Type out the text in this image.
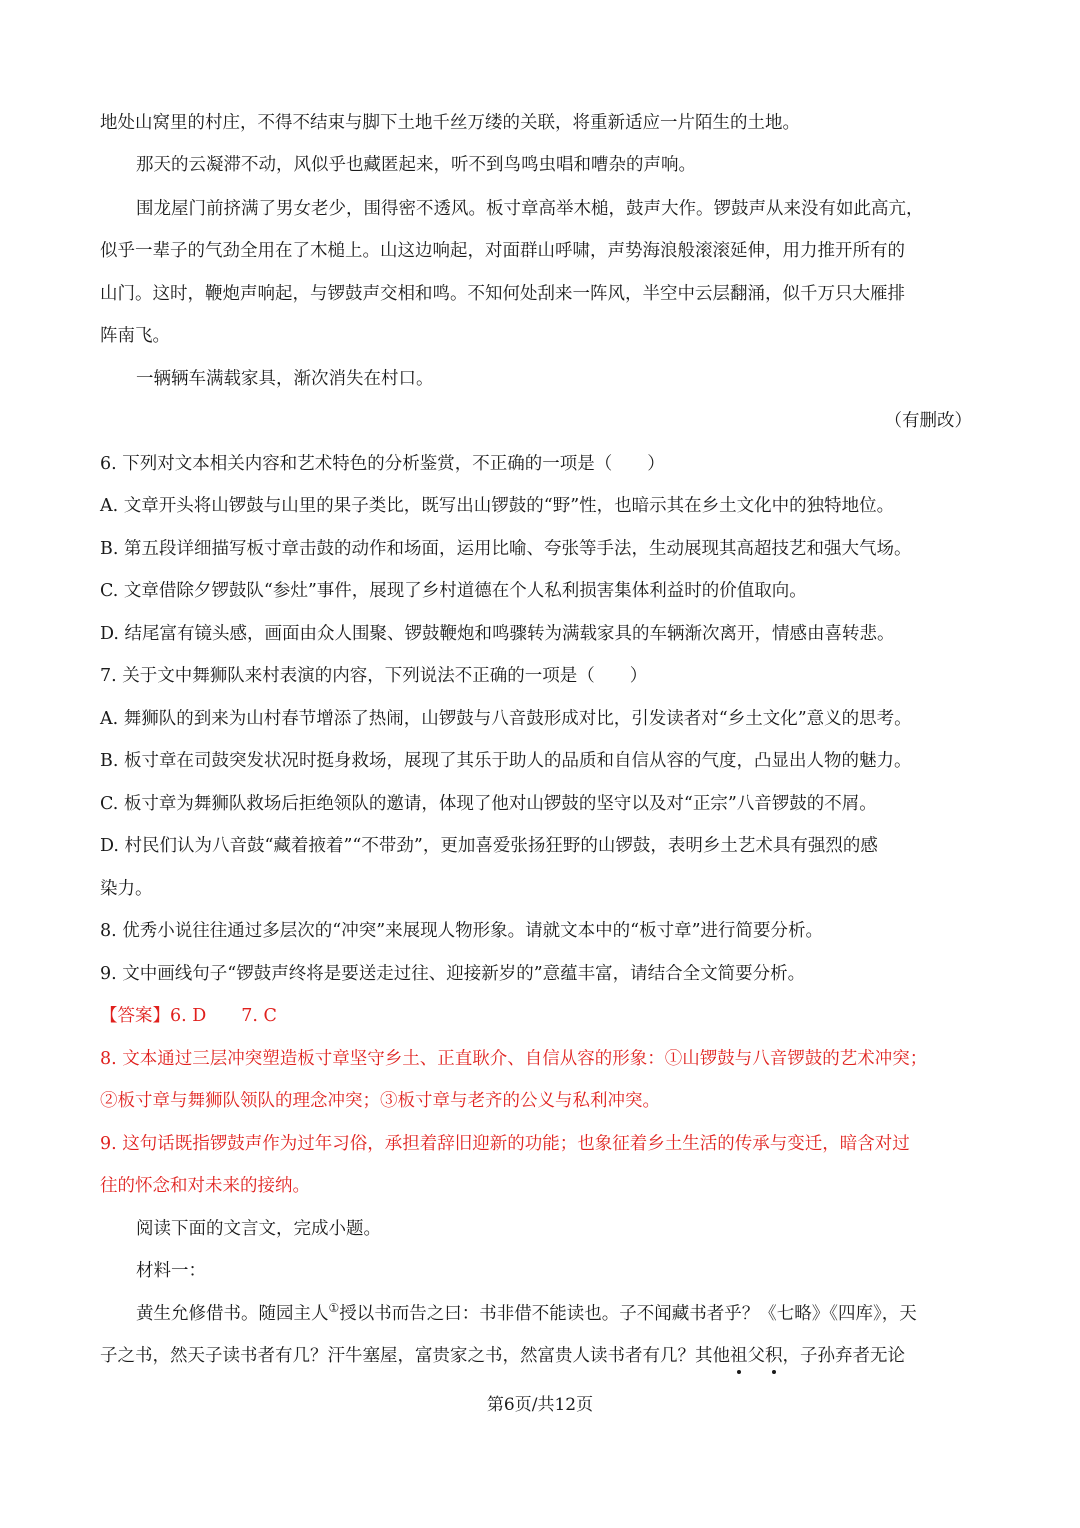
地处山窝里的村庄，不得不结束与脚下土地千丝万缕的关联，将重新适应一片陌生的土地。
那天的云凝滞不动，风似乎也藏匿起来，听不到鸟鸣虫唱和嘈杂的声响。
围龙屋门前挤满了男女老少，围得密不透风。板寸章高举木槌，鼓声大作。锣鼓声从来没有如此高亢，
似乎一辈子的气劲全用在了木槌上。山这边响起，对面群山呼啸，声势海浪般滚滚延伸，用力推开所有的
山门。这时，鞭炮声响起，与锣鼓声交相和鸣。不知何处刮来一阵风，半空中云层翻涌，似千万只大雁排
阵南飞。
一辆辆车满载家具，渐次消失在村口。
（有删改）
6. 下列对文本相关内容和艺术特色的分析鉴赏，不正确的一项是（　　）
A. 文章开头将山锣鼓与山里的果子类比，既写出山锣鼓的“野”性，也暗示其在乡土文化中的独特地位。
B. 第五段详细描写板寸章击鼓的动作和场面，运用比喻、夸张等手法，生动展现其高超技艺和强大气场。
C. 文章借除夕锣鼓队“参灶”事件，展现了乡村道德在个人私利损害集体利益时的价值取向。
D. 结尾富有镜头感，画面由众人围聚、锣鼓鞭炮和鸣骤转为满载家具的车辆渐次离开，情感由喜转悲。
7. 关于文中舞狮队来村表演的内容，下列说法不正确的一项是（　　）
A. 舞狮队的到来为山村春节增添了热闹，山锣鼓与八音鼓形成对比，引发读者对“乡土文化”意义的思考。
B. 板寸章在司鼓突发状况时挺身救场，展现了其乐于助人的品质和自信从容的气度，凸显出人物的魅力。
C. 板寸章为舞狮队救场后拒绝领队的邀请，体现了他对山锣鼓的坚守以及对“正宗”八音锣鼓的不屑。
D. 村民们认为八音鼓“藏着掖着”“不带劲”，更加喜爱张扬狂野的山锣鼓，表明乡土艺术具有强烈的感
染力。
8. 优秀小说往往通过多层次的“冲突”来展现人物形象。请就文本中的“板寸章”进行简要分析。
9. 文中画线句子“锣鼓声终将是要送走过往、迎接新岁的”意蕴丰富，请结合全文简要分析。
【答案】6. D　　7. C
8. 文本通过三层冲突塑造板寸章坚守乡土、正直耿介、自信从容的形象：①山锣鼓与八音锣鼓的艺术冲突；
②板寸章与舞狮队领队的理念冲突；③板寸章与老齐的公义与私利冲突。
9. 这句话既指锣鼓声作为过年习俗，承担着辞旧迎新的功能；也象征着乡土生活的传承与变迁，暗含对过
往的怀念和对未来的接纳。
阅读下面的文言文，完成小题。
材料一：
黄生允修借书。随园主人①授以书而告之曰：书非借不能读也。子不闻藏书者乎？《七略》《四库》，天
子之书，然天子读书者有几？汗牛塞屋，富贵家之书，然富贵人读书者有几？其他祖父积，子孙弃者无论
第6页/共12页
